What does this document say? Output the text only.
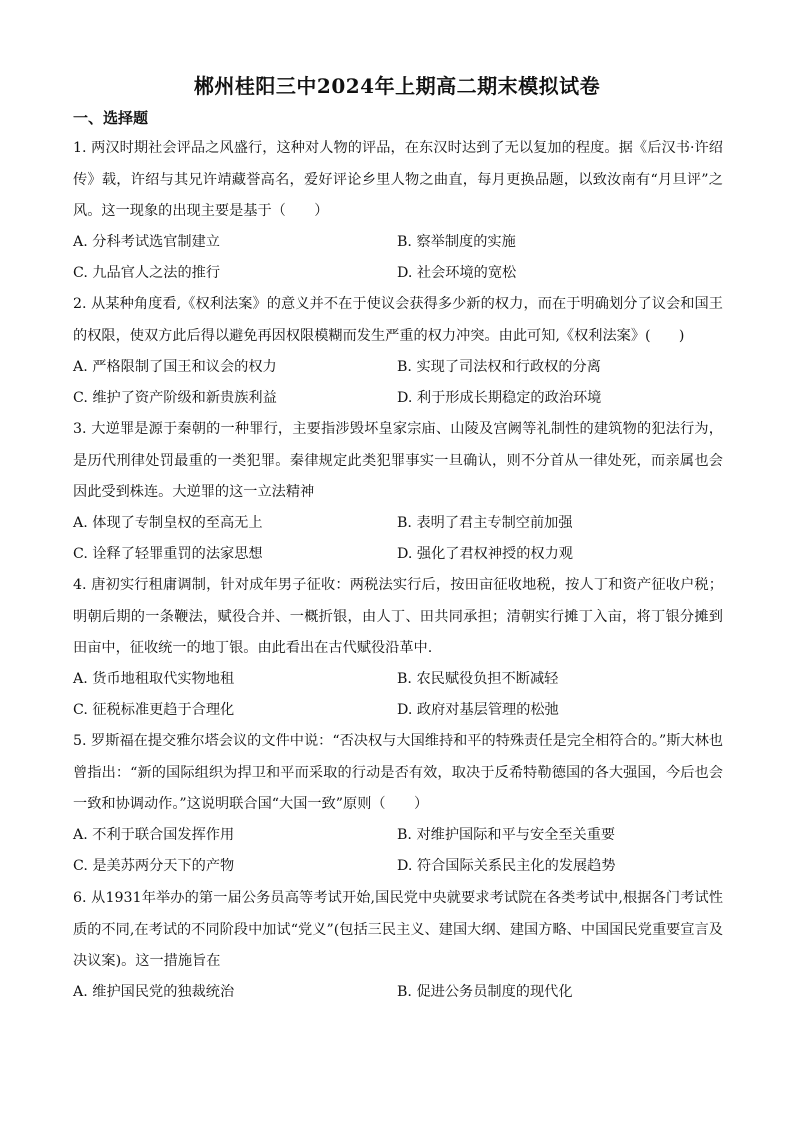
郴州桂阳三中2024年上期高二期末模拟试卷
一、选择题
1. 两汉时期社会评品之风盛行，这种对人物的评品，在东汉时达到了无以复加的程度。据《后汉书·许绍传》载，许绍与其兄许靖藏誉高名，爱好评论乡里人物之曲直，每月更换品题，以致汝南有“月旦评”之风。这一现象的出现主要是基于（　　）
A. 分科考试选官制建立	B. 察举制度的实施
C. 九品官人之法的推行	D. 社会环境的宽松
2. 从某种角度看,《权利法案》的意义并不在于使议会获得多少新的权力，而在于明确划分了议会和国王的权限，使双方此后得以避免再因权限模糊而发生严重的权力冲突。由此可知,《权利法案》(　　)
A. 严格限制了国王和议会的权力	B. 实现了司法权和行政权的分离
C. 维护了资产阶级和新贵族利益	D. 利于形成长期稳定的政治环境
3. 大逆罪是源于秦朝的一种罪行，主要指涉毁坏皇家宗庙、山陵及宫阙等礼制性的建筑物的犯法行为，是历代刑律处罚最重的一类犯罪。秦律规定此类犯罪事实一旦确认，则不分首从一律处死，而亲属也会因此受到株连。大逆罪的这一立法精神
A. 体现了专制皇权的至高无上	B. 表明了君主专制空前加强
C. 诠释了轻罪重罚的法家思想	D. 强化了君权神授的权力观
4. 唐初实行租庸调制，针对成年男子征收：两税法实行后，按田亩征收地税，按人丁和资产征收户税；明朝后期的一条鞭法，赋役合并、一概折银，由人丁、田共同承担；清朝实行摊丁入亩，将丁银分摊到田亩中，征收统一的地丁银。由此看出在古代赋役沿革中.
A. 货币地租取代实物地租	B. 农民赋役负担不断减轻
C. 征税标准更趋于合理化	D. 政府对基层管理的松弛
5. 罗斯福在提交雅尔塔会议的文件中说：“否决权与大国维持和平的特殊责任是完全相符合的。”斯大林也曾指出：“新的国际组织为捍卫和平而采取的行动是否有效，取决于反希特勒德国的各大强国，今后也会一致和协调动作。”这说明联合国“大国一致”原则（　　）
A. 不利于联合国发挥作用	B. 对维护国际和平与安全至关重要
C. 是美苏两分天下的产物	D. 符合国际关系民主化的发展趋势
6. 从1931年举办的第一届公务员高等考试开始,国民党中央就要求考试院在各类考试中,根据各门考试性质的不同,在考试的不同阶段中加试“党义”(包括三民主义、建国大纲、建国方略、中国国民党重要宣言及决议案)。这一措施旨在
A. 维护国民党的独裁统治	B. 促进公务员制度的现代化
